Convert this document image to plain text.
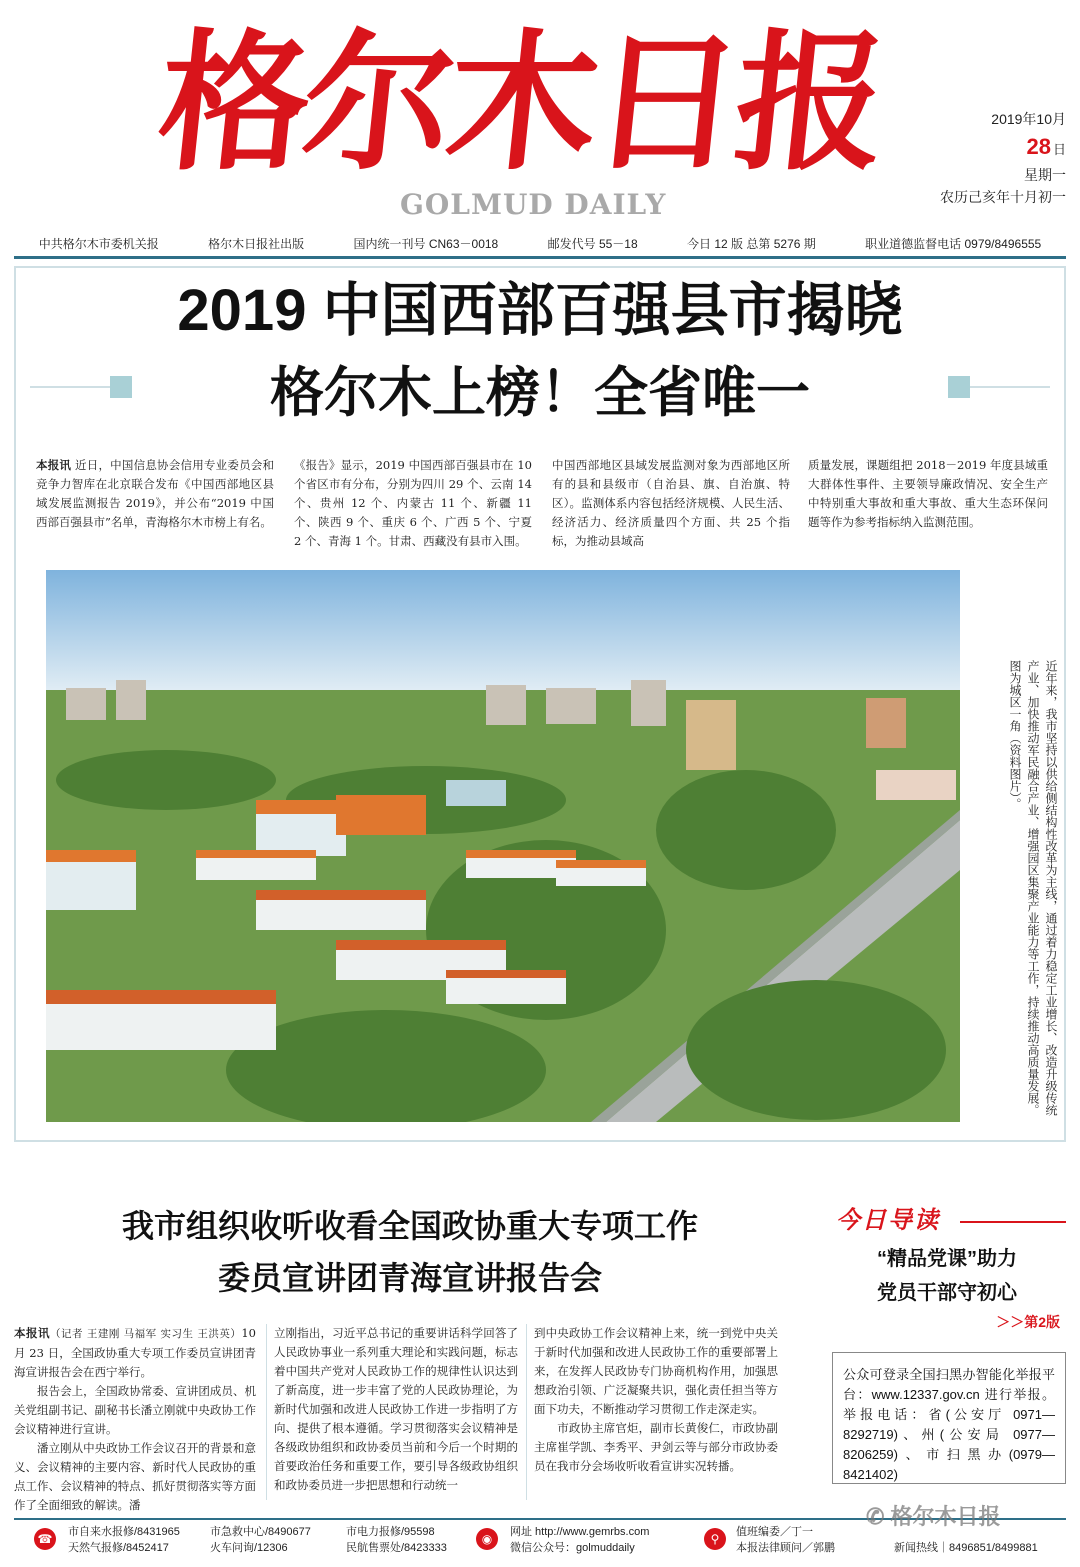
格尔木日报
GOLMUD DAILY
2019年10月
28 日
星期一
农历己亥年十月初一
中共格尔木市委机关报	格尔木日报社出版	国内统一刊号 CN63－0018	邮发代号 55－18	今日 12 版 总第 5276 期	职业道德监督电话 0979/8496555
2019 中国西部百强县市揭晓
格尔木上榜！全省唯一
本报讯 近日，中国信息协会信用专业委员会和竞争力智库在北京联合发布《中国西部地区县域发展监测报告 2019》，并公布“2019 中国西部百强县市”名单，青海格尔木市榜上有名。
《报告》显示，2019 中国西部百强县市在 10 个省区市有分布，分别为四川 29 个、云南 14 个、贵州 12 个、内蒙古 11 个、新疆 11 个、陕西 9 个、重庆 6 个、广西 5 个、宁夏 2 个、青海 1 个。甘肃、西藏没有县市入围。
中国西部地区县域发展监测对象为西部地区所有的县和县级市（自治县、旗、自治旗、特区）。监测体系内容包括经济规模、人民生活、经济活力、经济质量四个方面、共 25 个指标，为推动县域高
质量发展，课题组把 2018－2019 年度县域重大群体性事件、主要领导廉政情况、安全生产中特别重大事故和重大事故、重大生态环保问题等作为参考指标纳入监测范围。
近年来，我市坚持以供给侧结构性改革为主线，通过着力稳定工业增长、改造升级传统产业、加快推动军民融合产业、增强园区集聚产业能力等工作，持续推动高质量发展。图为城区一角（资料图片）。
我市组织收听收看全国政协重大专项工作
委员宣讲团青海宣讲报告会
本报讯（记者 王建刚 马福军 实习生 王洪英）10 月 23 日，全国政协重大专项工作委员宣讲团青海宣讲报告会在西宁举行。
　　报告会上，全国政协常委、宣讲团成员、机关党组副书记、副秘书长潘立刚就中央政协工作会议精神进行宣讲。
　　潘立刚从中央政协工作会议召开的背景和意义、会议精神的主要内容、新时代人民政协的重点工作、会议精神的特点、抓好贯彻落实等方面作了全面细致的解读。潘
立刚指出，习近平总书记的重要讲话科学回答了人民政协事业一系列重大理论和实践问题，标志着中国共产党对人民政协工作的规律性认识达到了新高度，进一步丰富了党的人民政协理论，为新时代加强和改进人民政协工作进一步指明了方向、提供了根本遵循。学习贯彻落实会议精神是各级政协组织和政协委员当前和今后一个时期的首要政治任务和重要工作，要引导各级政协组织和政协委员进一步把思想和行动统一
到中央政协工作会议精神上来，统一到党中央关于新时代加强和改进人民政协工作的重要部署上来，在发挥人民政协专门协商机构作用，加强思想政治引领、广泛凝聚共识，强化责任担当等方面下功夫，不断推动学习贯彻工作走深走实。
　　市政协主席官炬，副市长黄俊仁，市政协副主席崔学凯、李秀平、尹剑云等与部分市政协委员在我市分会场收听收看宣讲实况转播。
今日导读
“精品党课”助力
党员干部守初心
＞＞第2版
公众可登录全国扫黑办智能化举报平台：www.12337.gov.cn 进行举报。举报电话：省(公安厅 0971—8292719)、州(公安局 0977—8206259)、市扫黑办(0979—8421402)
☎	市自来水报修/8431965
天然气报修/8452417
市急救中心/8490677
火车问询/12306
市电力报修/95598
民航售票处/8423333
◉	网址 http://www.gemrbs.com
微信公众号：golmuddaily
⚲	值班编委／丁一
本报法律顾问／郭鹏	新闻热线｜8496851/8499881
✆ 格尔木日报
